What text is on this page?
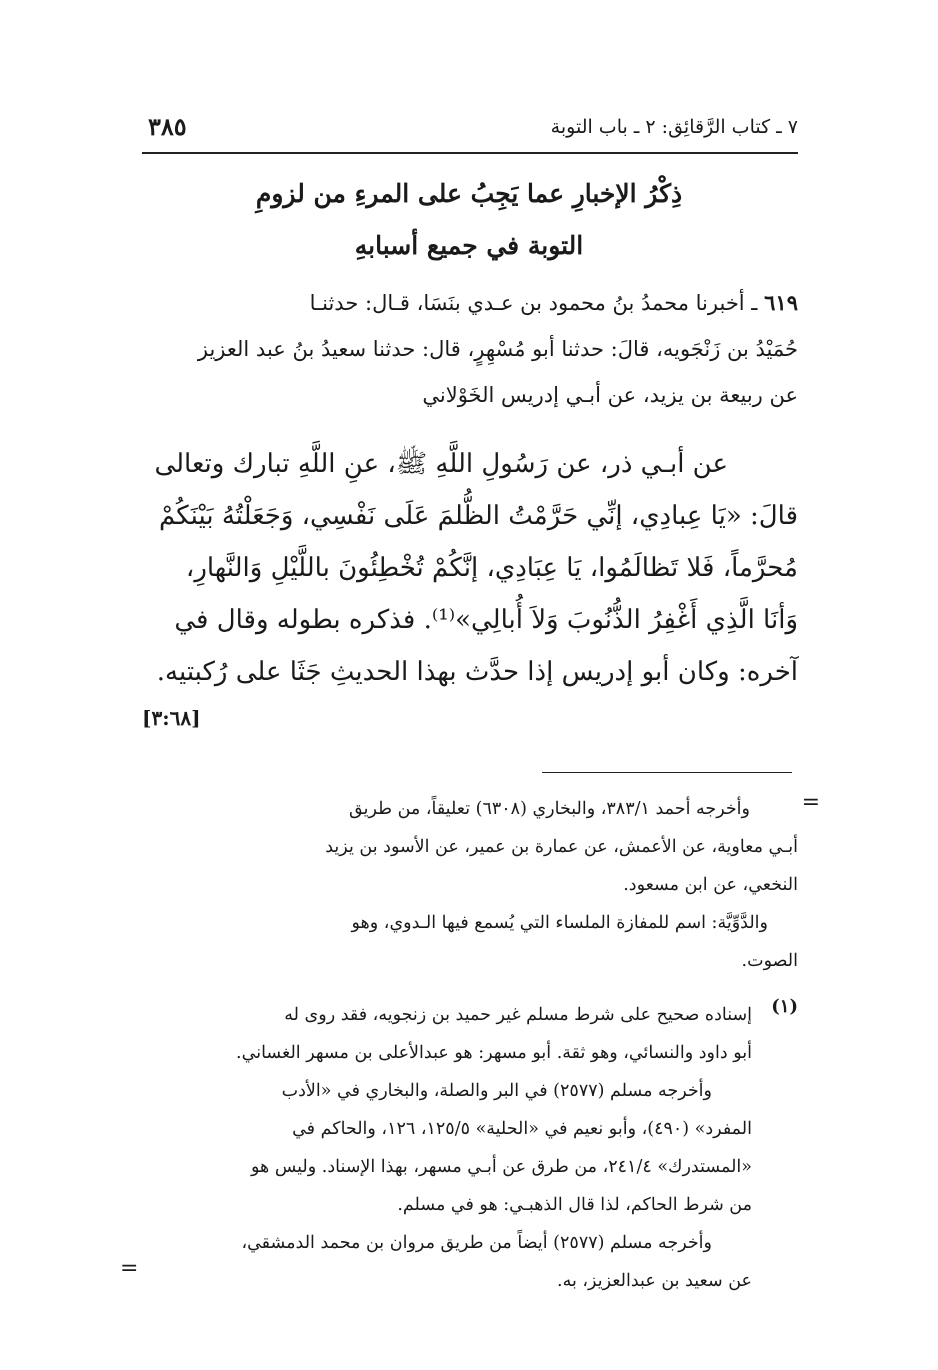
٧ ـ كتاب الرَّقائِق: ٢ ـ باب التوبة
٣٨٥
ذِكْرُ الإخبارِ عما يَجِبُ على المرءِ من لزومِ
التوبة في جميع أسبابهِ

٦١٩ ـ أخبرنا محمدُ بنُ محمود بن عـدي بنَسَا، قـال: حدثنـا

حُمَيْدُ بن زَنْجَويه، قالَ: حدثنا أبو مُسْهِرٍ، قال: حدثنا سعيدُ بنُ عبد العزيز

عن ربيعة بن يزيد، عن أبـي إدريس الخَوْلاني

عن أبـي ذر، عن رَسُولِ اللَّهِ ﷺ، عنِ اللَّهِ تبارك وتعالى

قالَ: «يَا عِبادِي، إنِّي حَرَّمْتُ الظُّلمَ عَلَى نَفْسِي، وَجَعَلْتُهُ بَيْنَكُمْ

مُحرَّماً، فَلا تَظالَمُوا، يَا عِبَادِي، إنَّكُمْ تُخْطِئُونَ باللَّيْلِ وَالنَّهارِ،

وَأنَا الَّذِي أَغْفِرُ الذُّنُوبَ وَلاَ أُبالِي»⁽¹⁾. فذكره بطوله وقال في

آخره: وكان أبو إدريس إذا حدَّث بهذا الحديثِ جَثَا على رُكبتيه.

[٣:٦٨]
=

وأخرجه أحمد ٣٨٣/١، والبخاري (٦٣٠٨) تعليقاً، من طريق

أبـي معاوية، عن الأعمش، عن عمارة بن عمير، عن الأسود بن يزيد

النخعي، عن ابن مسعود.

والدَّوِّيَّة: اسم للمفازة الملساء التي يُسمع فيها الـدوي، وهو

الصوت.

(١)

إسناده صحيح على شرط مسلم غير حميد بن زنجويه، فقد روى له

أبو داود والنسائي، وهو ثقة. أبو مسهر: هو عبدالأعلى بن مسهر الغساني.

وأخرجه مسلم (٢٥٧٧) في البر والصلة، والبخاري في «الأدب

المفرد» (٤٩٠)، وأبو نعيم في «الحلية» ١٢٥/٥، ١٢٦، والحاكم في

«المستدرك» ٢٤١/٤، من طرق عن أبـي مسهر، بهذا الإسناد. وليس هو

من شرط الحاكم، لذا قال الذهبـي: هو في مسلم.

وأخرجه مسلم (٢٥٧٧) أيضاً من طريق مروان بن محمد الدمشقي،

عن سعيد بن عبدالعزيز، به.

=
